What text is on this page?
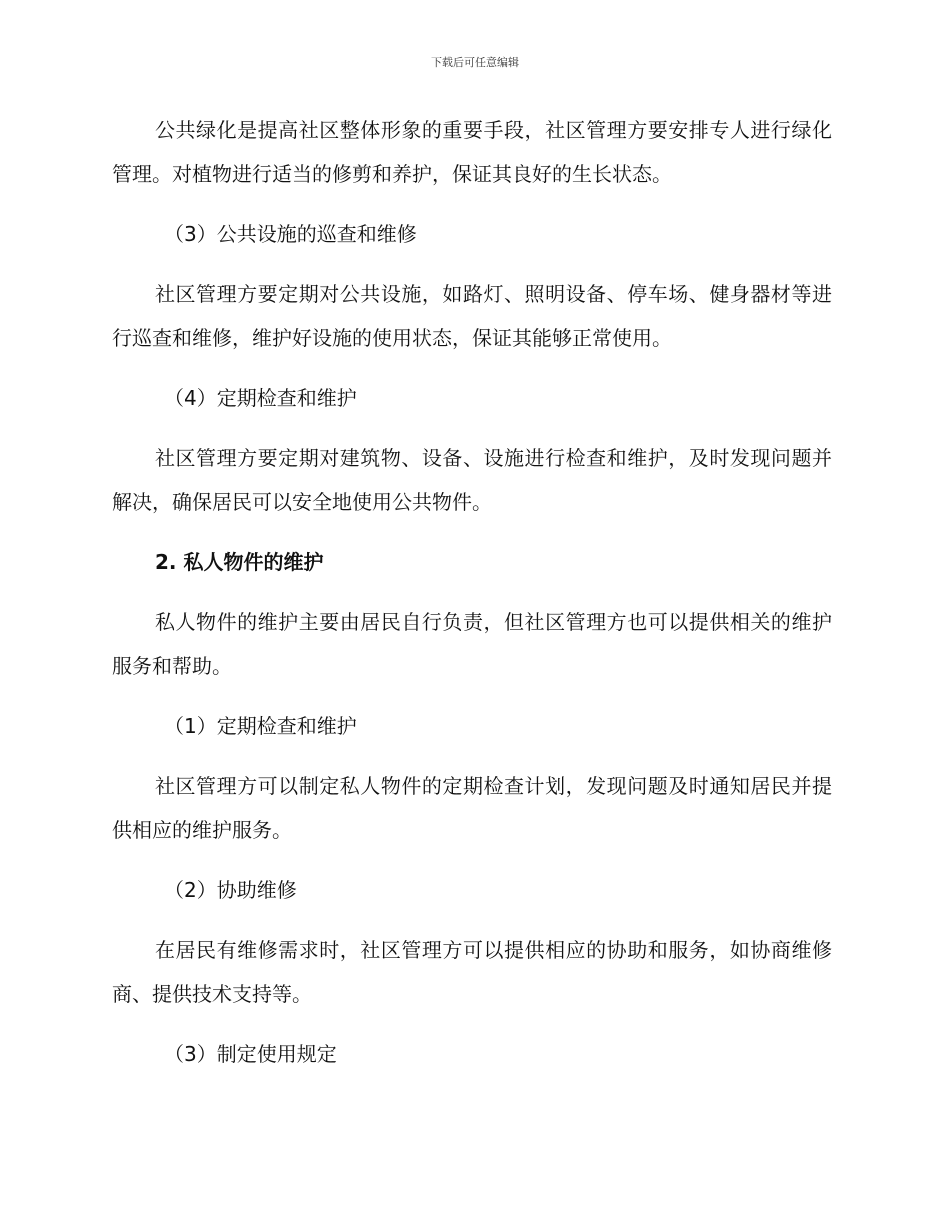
下载后可任意编辑

公共绿化是提高社区整体形象的重要手段，社区管理方要安排专人进行绿化管理。对植物进行适当的修剪和养护，保证其良好的生长状态。

（3）公共设施的巡查和维修

社区管理方要定期对公共设施，如路灯、照明设备、停车场、健身器材等进行巡查和维修，维护好设施的使用状态，保证其能够正常使用。

（4）定期检查和维护

社区管理方要定期对建筑物、设备、设施进行检查和维护，及时发现问题并解决，确保居民可以安全地使用公共物件。

2. 私人物件的维护

私人物件的维护主要由居民自行负责，但社区管理方也可以提供相关的维护服务和帮助。

（1）定期检查和维护

社区管理方可以制定私人物件的定期检查计划，发现问题及时通知居民并提供相应的维护服务。

（2）协助维修

在居民有维修需求时，社区管理方可以提供相应的协助和服务，如协商维修商、提供技术支持等。

（3）制定使用规定
